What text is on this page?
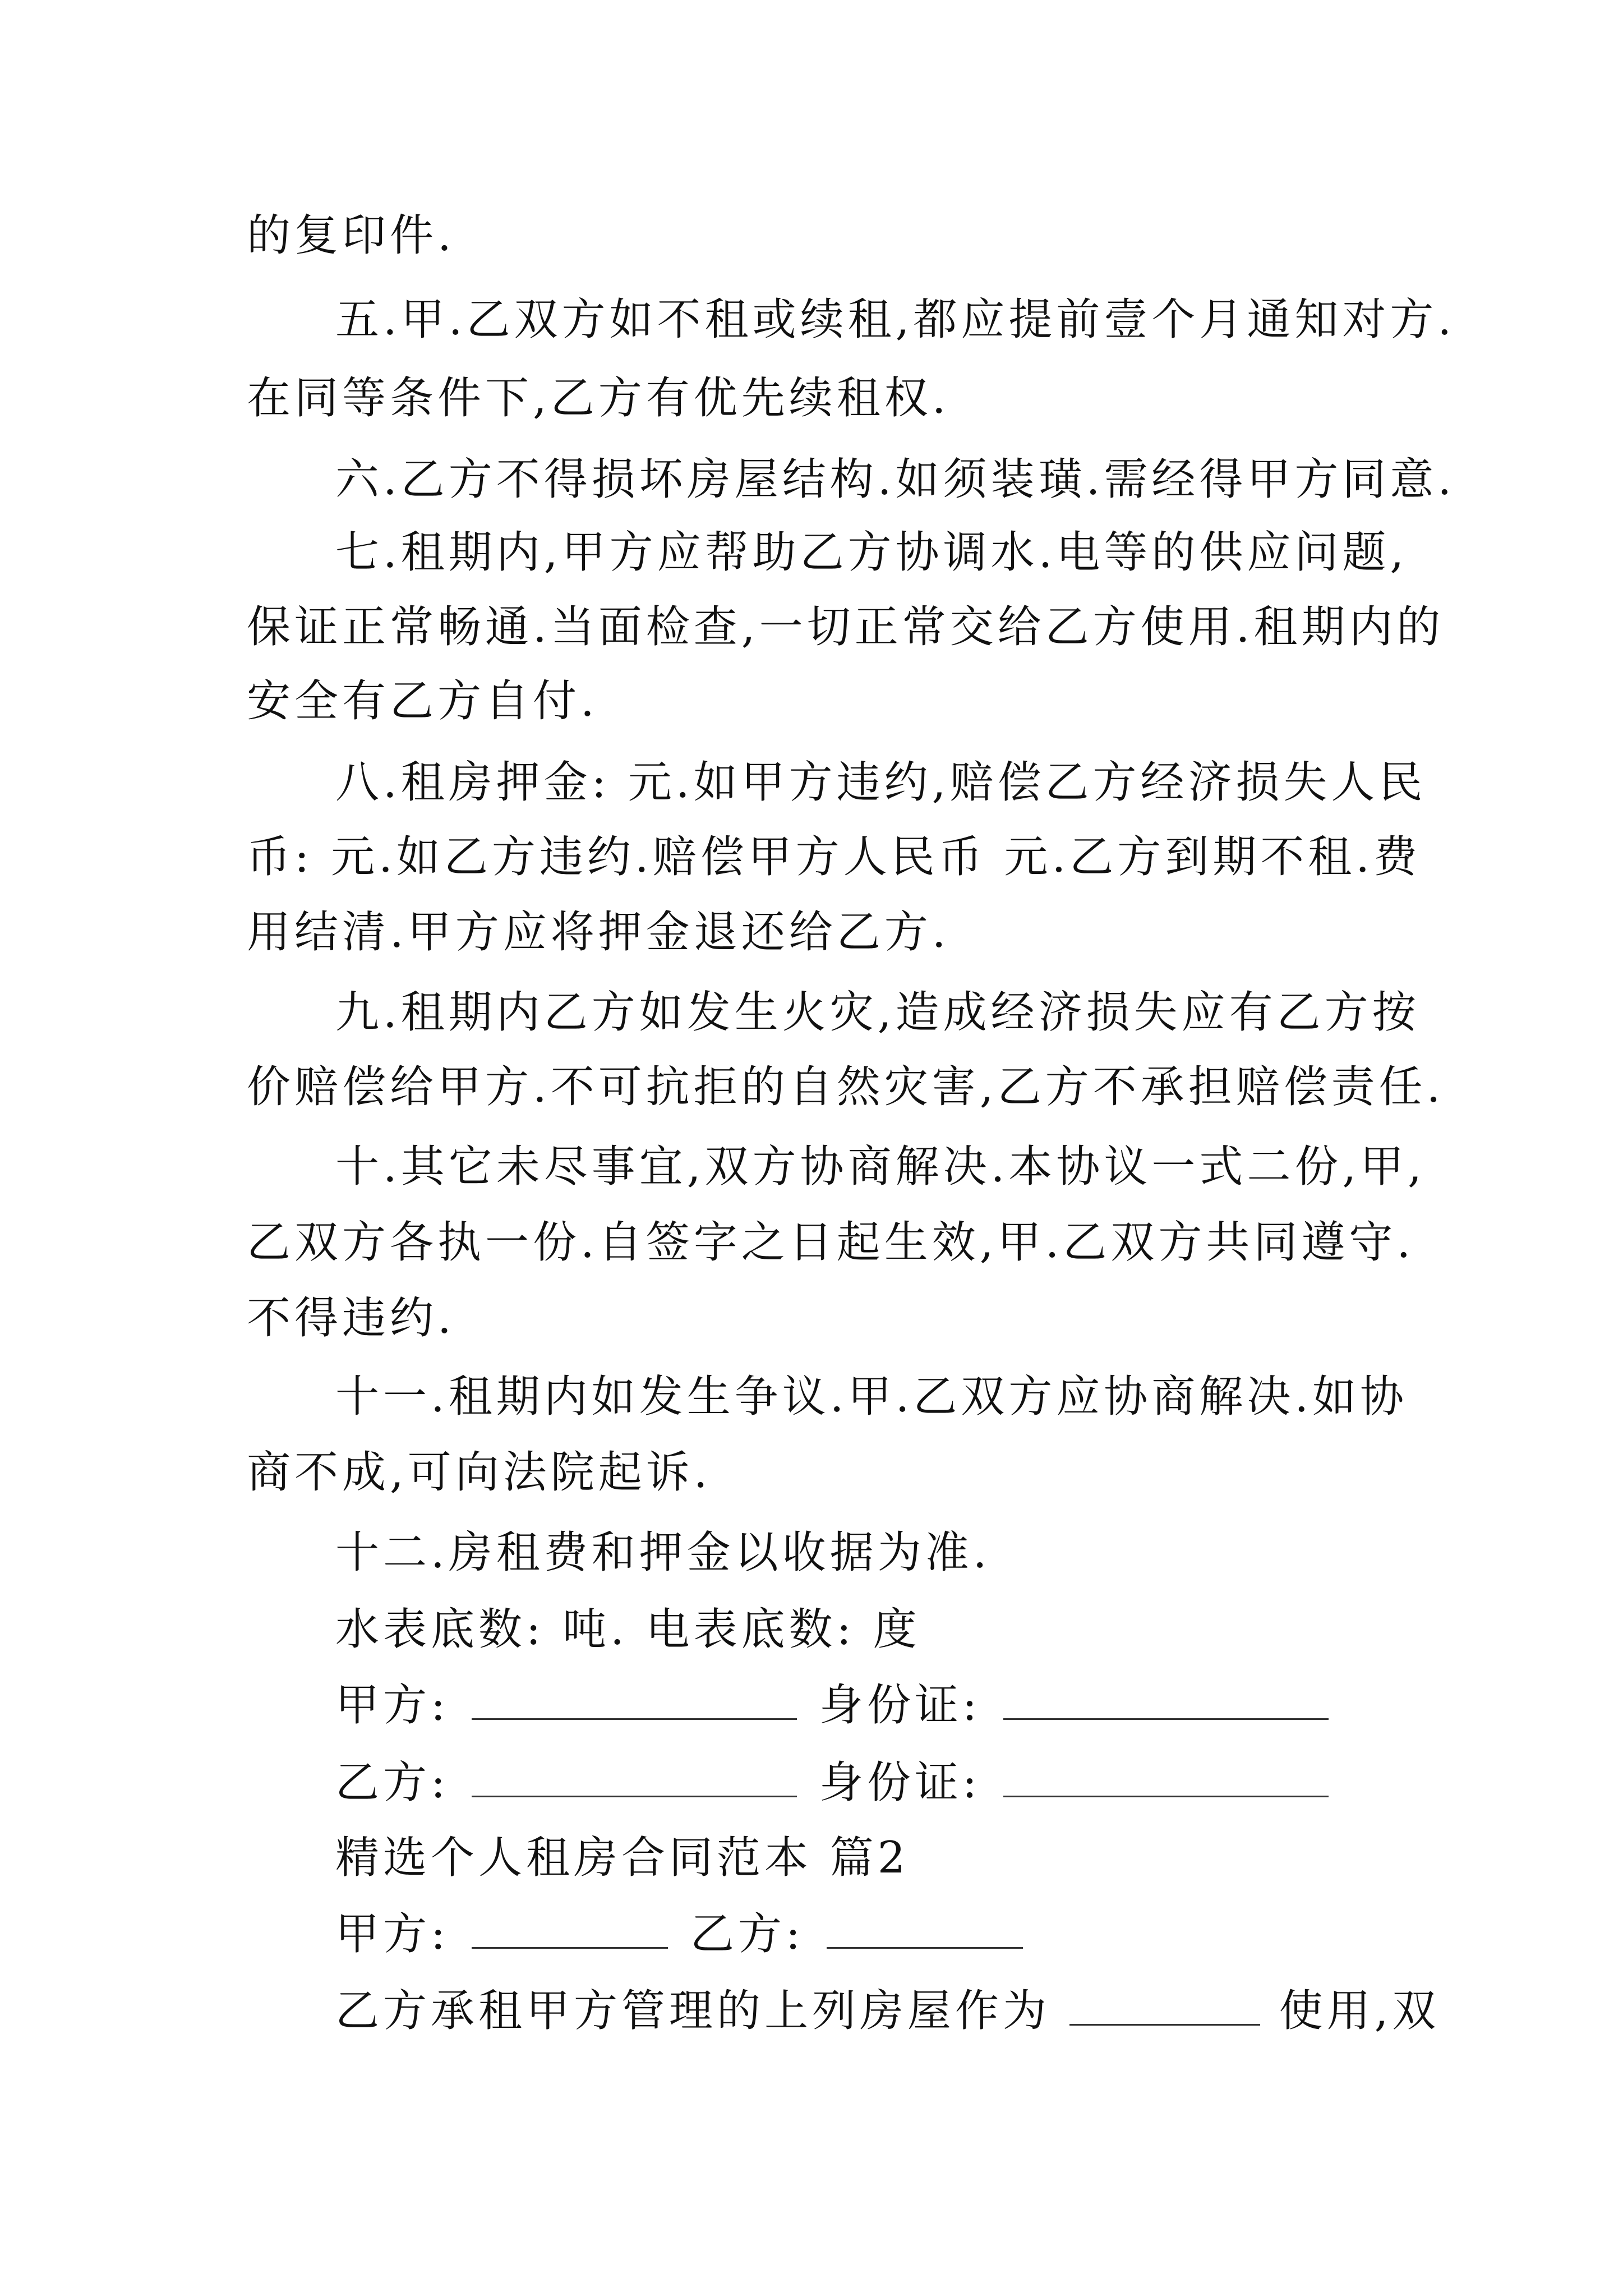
的复印件.
五.甲.乙双方如不租或续租,都应提前壹个月通知对方.
在同等条件下,乙方有优先续租权.
六.乙方不得损坏房屋结构.如须装璜.需经得甲方同意.
七.租期内,甲方应帮助乙方协调水.电等的供应问题,
保证正常畅通.当面检查,一切正常交给乙方使用.租期内的
安全有乙方自付.
八.租房押金: 元.如甲方违约,赔偿乙方经济损失人民
币: 元.如乙方违约.赔偿甲方人民币 元.乙方到期不租.费
用结清.甲方应将押金退还给乙方.
九.租期内乙方如发生火灾,造成经济损失应有乙方按
价赔偿给甲方.不可抗拒的自然灾害,乙方不承担赔偿责任.
十.其它未尽事宜,双方协商解决.本协议一式二份,甲,
乙双方各执一份.自签字之日起生效,甲.乙双方共同遵守.
不得违约.
十一.租期内如发生争议.甲.乙双方应协商解决.如协
商不成,可向法院起诉.
十二.房租费和押金以收据为准.
水表底数: 吨. 电表底数: 度
甲方:	身份证:
乙方:	身份证:
精选个人租房合同范本 篇2
甲方:	乙方:
乙方承租甲方管理的上列房屋作为	使用,双
